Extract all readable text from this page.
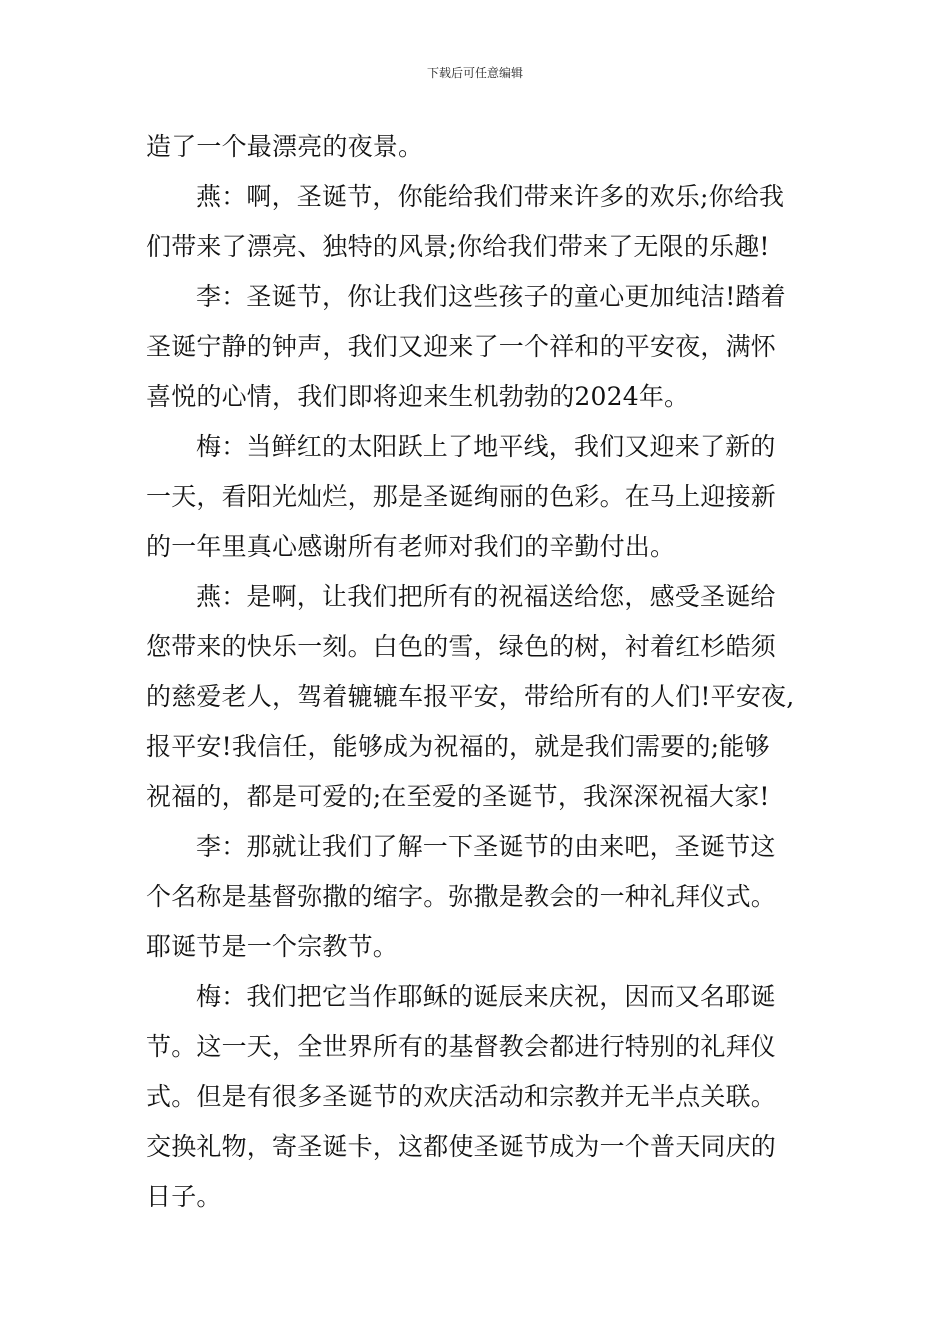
下载后可任意编辑
造了一个最漂亮的夜景。
燕：啊，圣诞节，你能给我们带来许多的欢乐;你给我
们带来了漂亮、独特的风景;你给我们带来了无限的乐趣!
李：圣诞节，你让我们这些孩子的童心更加纯洁!踏着
圣诞宁静的钟声，我们又迎来了一个祥和的平安夜，满怀
喜悦的心情，我们即将迎来生机勃勃的2024年。
梅：当鲜红的太阳跃上了地平线，我们又迎来了新的
一天，看阳光灿烂，那是圣诞绚丽的色彩。在马上迎接新
的一年里真心感谢所有老师对我们的辛勤付出。
燕：是啊，让我们把所有的祝福送给您，感受圣诞给
您带来的快乐一刻。白色的雪，绿色的树，衬着红杉皓须
的慈爱老人，驾着辘辘车报平安，带给所有的人们!平安夜,
报平安!我信任，能够成为祝福的，就是我们需要的;能够
祝福的，都是可爱的;在至爱的圣诞节，我深深祝福大家!
李：那就让我们了解一下圣诞节的由来吧，圣诞节这
个名称是基督弥撒的缩字。弥撒是教会的一种礼拜仪式。
耶诞节是一个宗教节。
梅：我们把它当作耶稣的诞辰来庆祝，因而又名耶诞
节。这一天，全世界所有的基督教会都进行特别的礼拜仪
式。但是有很多圣诞节的欢庆活动和宗教并无半点关联。
交换礼物，寄圣诞卡，这都使圣诞节成为一个普天同庆的
日子。
